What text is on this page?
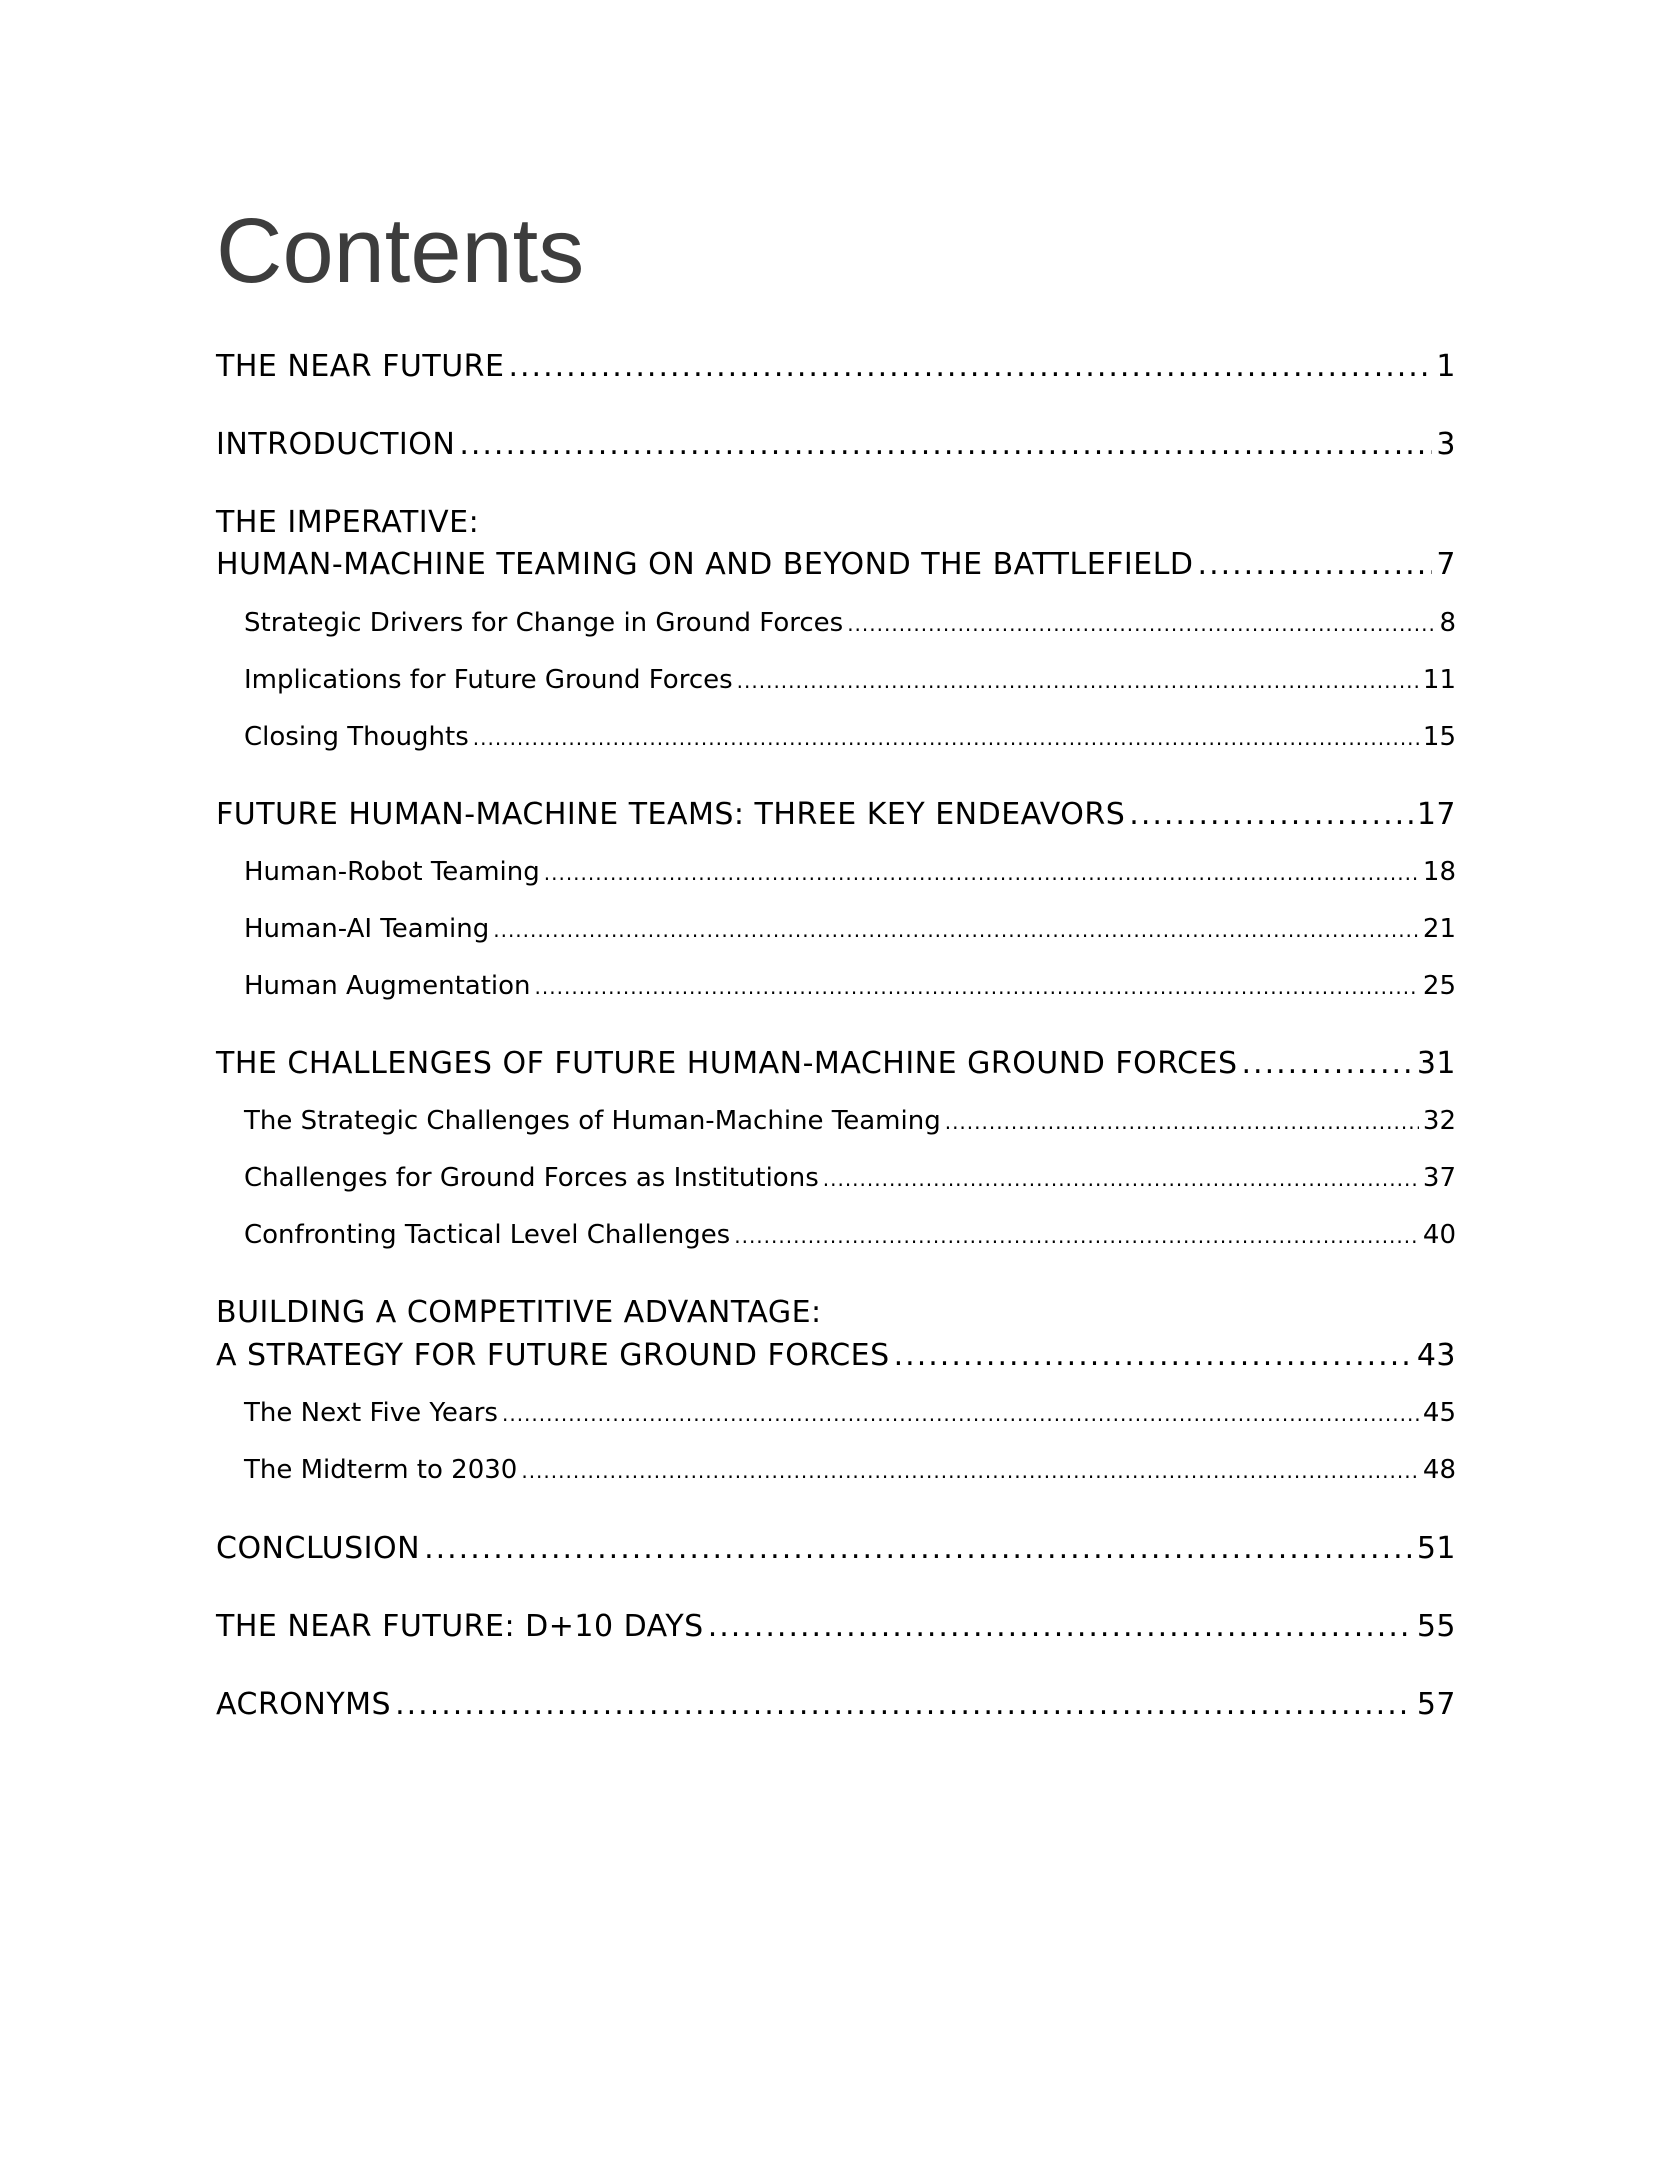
Contents
THE NEAR FUTURE .....	1
INTRODUCTION .....	3
THE IMPERATIVE:
HUMAN-MACHINE TEAMING ON AND BEYOND THE BATTLEFIELD .....	7
Strategic Drivers for Change in Ground Forces .....	8
Implications for Future Ground Forces .....	11
Closing Thoughts .....	15
FUTURE HUMAN-MACHINE TEAMS: THREE KEY ENDEAVORS .....	17
Human-Robot Teaming .....	18
Human-AI Teaming .....	21
Human Augmentation .....	25
THE CHALLENGES OF FUTURE HUMAN-MACHINE GROUND FORCES .....	31
The Strategic Challenges of Human-Machine Teaming .....	32
Challenges for Ground Forces as Institutions .....	37
Confronting Tactical Level Challenges .....	40
BUILDING A COMPETITIVE ADVANTAGE:
A STRATEGY FOR FUTURE GROUND FORCES .....	43
The Next Five Years .....	45
The Midterm to 2030 .....	48
CONCLUSION .....	51
THE NEAR FUTURE: D+10 DAYS .....	55
ACRONYMS .....	57
